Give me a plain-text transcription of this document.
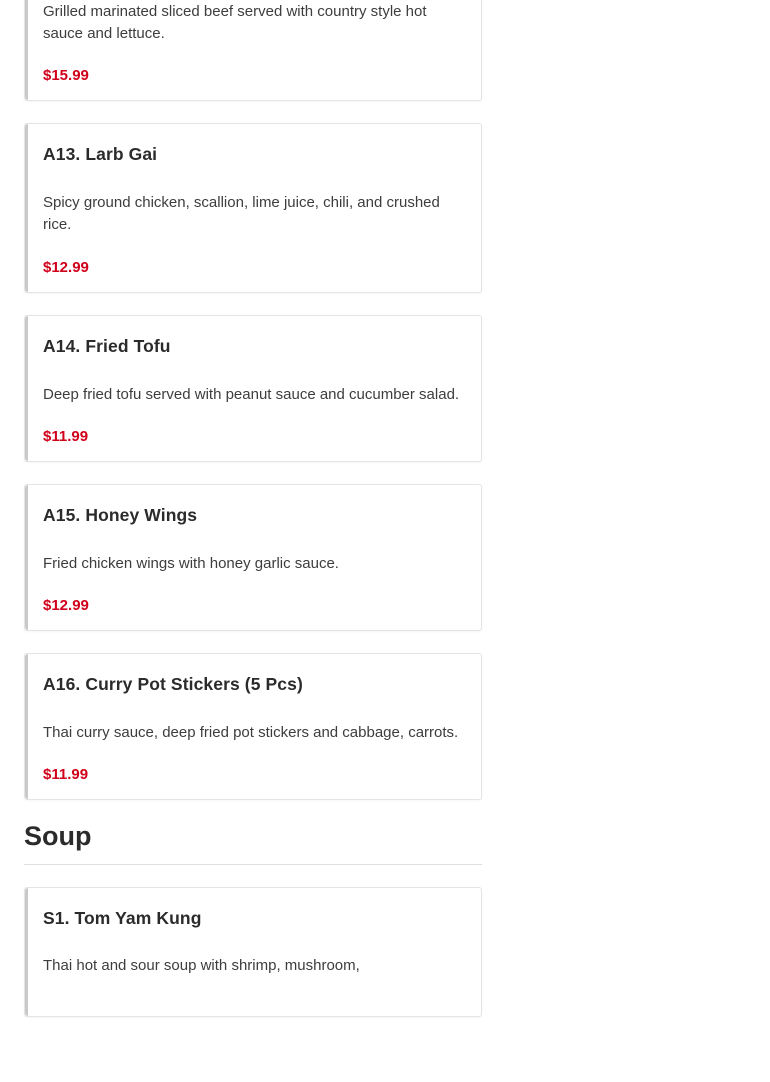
Grilled marinated sliced beef served with country style hot sauce and lettuce.

$15.99

A13. Larb Gai

Spicy ground chicken, scallion, lime juice, chili, and crushed rice.

$12.99

A14. Fried Tofu

Deep fried tofu served with peanut sauce and cucumber salad.

$11.99

A15. Honey Wings

Fried chicken wings with honey garlic sauce.

$12.99

A16. Curry Pot Stickers (5 Pcs)

Thai curry sauce, deep fried pot stickers and cabbage, carrots.

$11.99

Soup
S1. Tom Yam Kung

Thai hot and sour soup with shrimp, mushroom,
